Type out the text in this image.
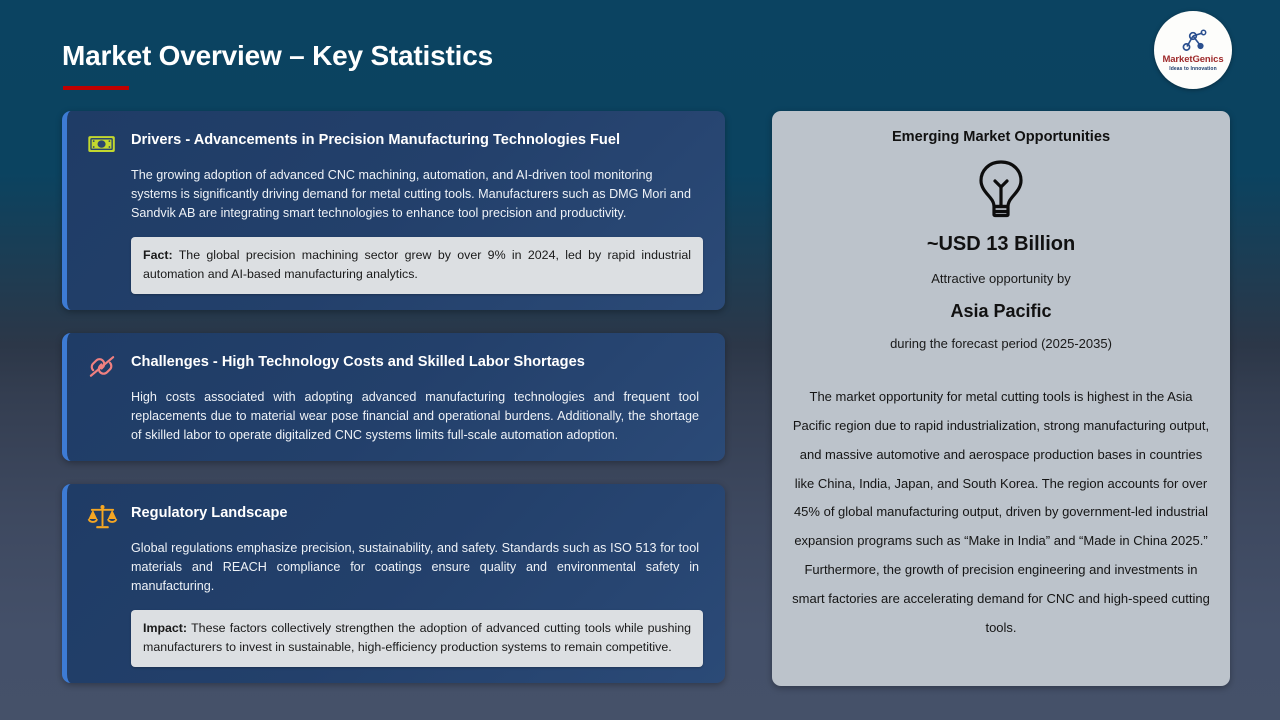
Market Overview – Key Statistics	MarketGenics
Ideas to Innovation
Drivers - Advancements in Precision Manufacturing Technologies Fuel
The growing adoption of advanced CNC machining, automation, and AI-driven tool monitoring systems is significantly driving demand for metal cutting tools. Manufacturers such as DMG Mori and Sandvik AB are integrating smart technologies to enhance tool precision and productivity.
Fact: The global precision machining sector grew by over 9% in 2024, led by rapid industrial automation and AI-based manufacturing analytics.
Challenges - High Technology Costs and Skilled Labor Shortages
High costs associated with adopting advanced manufacturing technologies and frequent tool replacements due to material wear pose financial and operational burdens. Additionally, the shortage of skilled labor to operate digitalized CNC systems limits full-scale automation adoption.
Regulatory Landscape
Global regulations emphasize precision, sustainability, and safety. Standards such as ISO 513 for tool materials and REACH compliance for coatings ensure quality and environmental safety in manufacturing.
Impact: These factors collectively strengthen the adoption of advanced cutting tools while pushing manufacturers to invest in sustainable, high-efficiency production systems to remain competitive.
Emerging Market Opportunities
~USD 13 Billion
Attractive opportunity by
Asia Pacific
during the forecast period (2025-2035)
The market opportunity for metal cutting tools is highest in the Asia Pacific region due to rapid industrialization, strong manufacturing output, and massive automotive and aerospace production bases in countries like China, India, Japan, and South Korea. The region accounts for over 45% of global manufacturing output, driven by government-led industrial expansion programs such as “Make in India” and “Made in China 2025.” Furthermore, the growth of precision engineering and investments in smart factories are accelerating demand for CNC and high-speed cutting tools.
